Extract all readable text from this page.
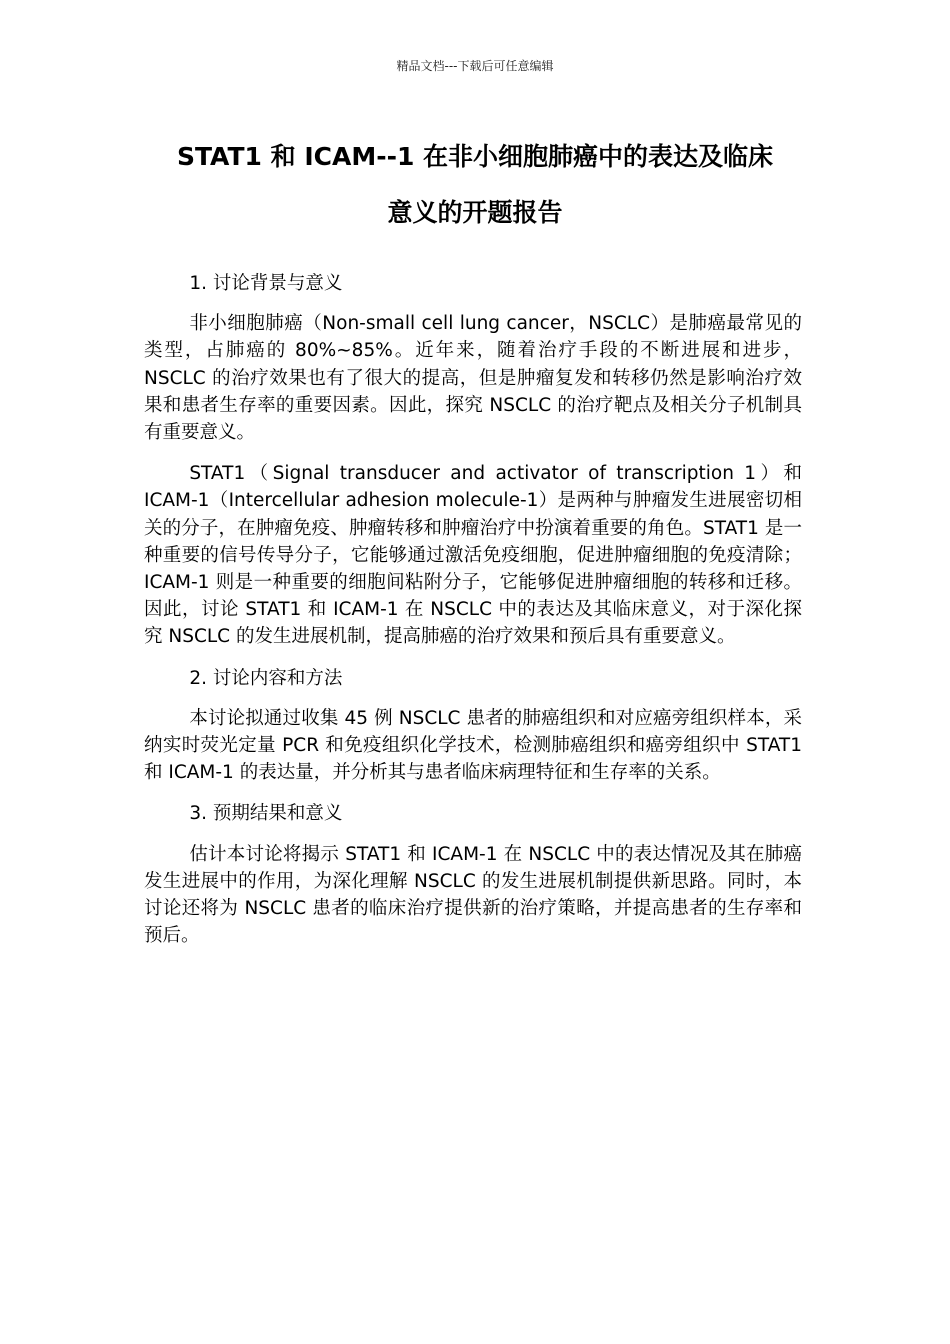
精品文档---下载后可任意编辑
STAT1 和 ICAM--1 在非小细胞肺癌中的表达及临床
意义的开题报告
1. 讨论背景与意义

非小细胞肺癌（Non-small cell lung cancer，NSCLC）是肺癌最常见的类型，占肺癌的 80%~85%。近年来，随着治疗手段的不断进展和进步，NSCLC 的治疗效果也有了很大的提高，但是肿瘤复发和转移仍然是影响治疗效果和患者生存率的重要因素。因此，探究 NSCLC 的治疗靶点及相关分子机制具有重要意义。

STAT1（Signal transducer and activator of transcription 1）和 ICAM-1（Intercellular adhesion molecule-1）是两种与肿瘤发生进展密切相关的分子，在肿瘤免疫、肿瘤转移和肿瘤治疗中扮演着重要的角色。STAT1 是一种重要的信号传导分子，它能够通过激活免疫细胞，促进肿瘤细胞的免疫清除；ICAM-1 则是一种重要的细胞间粘附分子，它能够促进肿瘤细胞的转移和迁移。因此，讨论 STAT1 和 ICAM-1 在 NSCLC 中的表达及其临床意义，对于深化探究 NSCLC 的发生进展机制，提高肺癌的治疗效果和预后具有重要意义。

2. 讨论内容和方法

本讨论拟通过收集 45 例 NSCLC 患者的肺癌组织和对应癌旁组织样本，采纳实时荧光定量 PCR 和免疫组织化学技术，检测肺癌组织和癌旁组织中 STAT1 和 ICAM-1 的表达量，并分析其与患者临床病理特征和生存率的关系。

3. 预期结果和意义

估计本讨论将揭示 STAT1 和 ICAM-1 在 NSCLC 中的表达情况及其在肺癌发生进展中的作用，为深化理解 NSCLC 的发生进展机制提供新思路。同时，本讨论还将为 NSCLC 患者的临床治疗提供新的治疗策略，并提高患者的生存率和预后。
